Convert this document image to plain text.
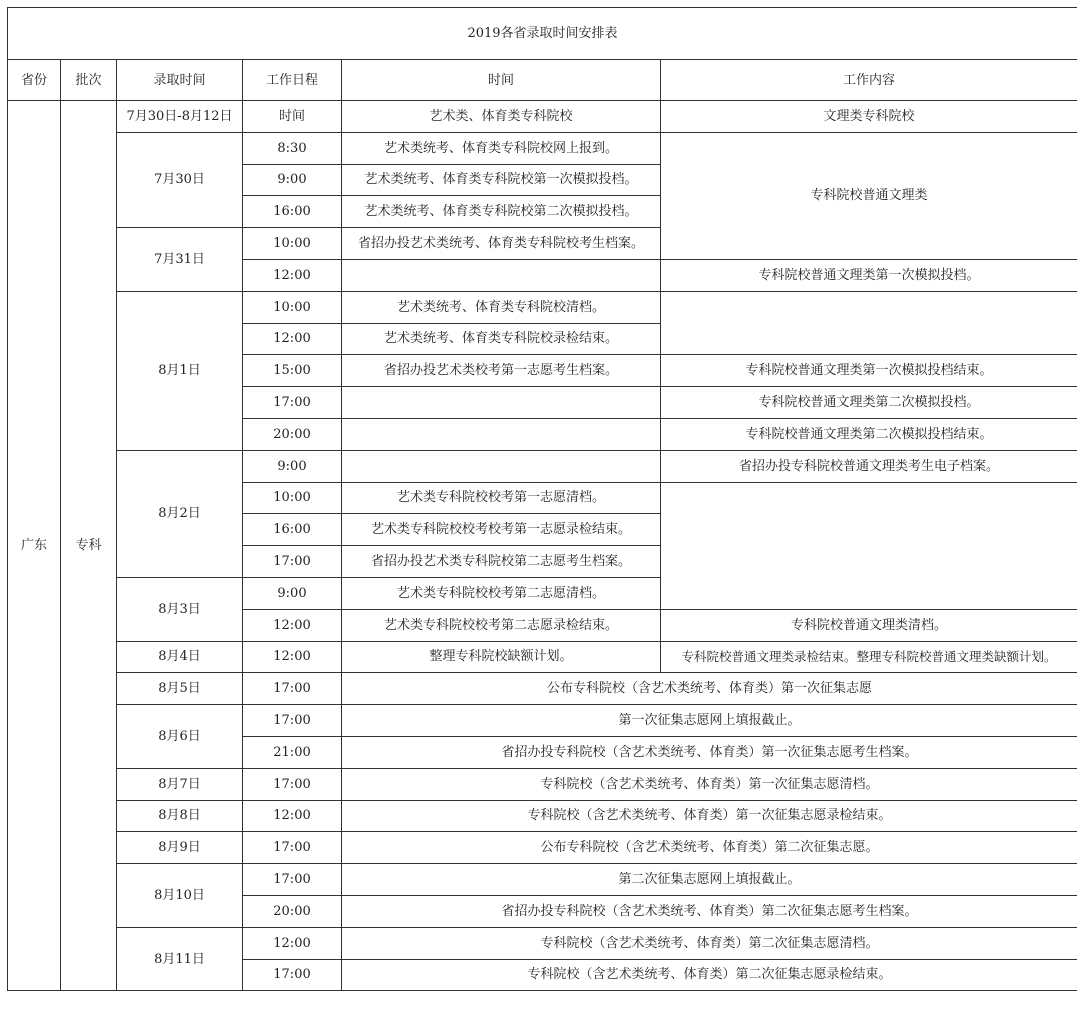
2019各省录取时间安排表					
省份	批次	录取时间	工作日程	时间	工作内容
广东	专科	7月30日-8月12日	时间	艺术类、体育类专科院校	文理类专科院校
		7月30日	8:30	艺术类统考、体育类专科院校网上报到。	专科院校普通文理类
			9:00	艺术类统考、体育类专科院校第一次模拟投档。	
			16:00	艺术类统考、体育类专科院校第二次模拟投档。	
		7月31日	10:00	省招办投艺术类统考、体育类专科院校考生档案。	
			12:00		专科院校普通文理类第一次模拟投档。
		8月1日	10:00	艺术类统考、体育类专科院校清档。	
			12:00	艺术类统考、体育类专科院校录检结束。	
			15:00	省招办投艺术类校考第一志愿考生档案。	专科院校普通文理类第一次模拟投档结束。
			17:00		专科院校普通文理类第二次模拟投档。
			20:00		专科院校普通文理类第二次模拟投档结束。
		8月2日	9:00		省招办投专科院校普通文理类考生电子档案。
			10:00	艺术类专科院校校考第一志愿清档。	
			16:00	艺术类专科院校校考校考第一志愿录检结束。	
			17:00	省招办投艺术类专科院校第二志愿考生档案。	
		8月3日	9:00	艺术类专科院校校考第二志愿清档。	
			12:00	艺术类专科院校校考第二志愿录检结束。	专科院校普通文理类清档。
		8月4日	12:00	整理专科院校缺额计划。	专科院校普通文理类录检结束。整理专科院校普通文理类缺额计划。
		8月5日	17:00	公布专科院校（含艺术类统考、体育类）第一次征集志愿	
		8月6日	17:00	第一次征集志愿网上填报截止。	
			21:00	省招办投专科院校（含艺术类统考、体育类）第一次征集志愿考生档案。	
		8月7日	17:00	专科院校（含艺术类统考、体育类）第一次征集志愿清档。	
		8月8日	12:00	专科院校（含艺术类统考、体育类）第一次征集志愿录检结束。	
		8月9日	17:00	公布专科院校（含艺术类统考、体育类）第二次征集志愿。	
		8月10日	17:00	第二次征集志愿网上填报截止。	
			20:00	省招办投专科院校（含艺术类统考、体育类）第二次征集志愿考生档案。	
		8月11日	12:00	专科院校（含艺术类统考、体育类）第二次征集志愿清档。	
			17:00	专科院校（含艺术类统考、体育类）第二次征集志愿录检结束。	
